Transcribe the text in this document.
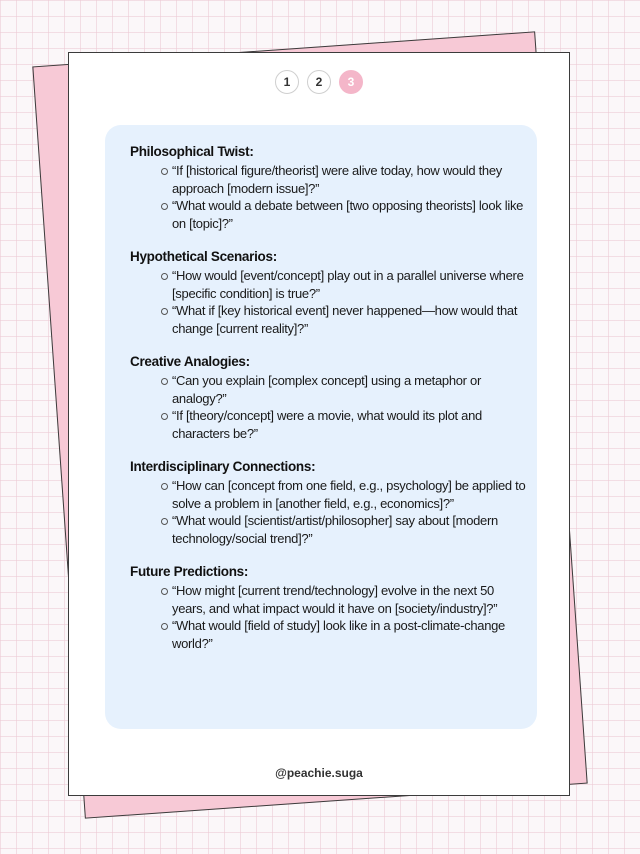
1	2	3
Philosophical Twist:
“If [historical figure/theorist] were alive today, how would they approach [modern issue]?”
“What would a debate between [two opposing theorists] look like on [topic]?”
Hypothetical Scenarios:
“How would [event/concept] play out in a parallel universe where [specific condition] is true?”
“What if [key historical event] never happened—how would that change [current reality]?”
Creative Analogies:
“Can you explain [complex concept] using a metaphor or analogy?”
“If [theory/concept] were a movie, what would its plot and characters be?”
Interdisciplinary Connections:
“How can [concept from one field, e.g., psychology] be applied to solve a problem in [another field, e.g., economics]?”
“What would [scientist/artist/philosopher] say about [modern technology/social trend]?”
Future Predictions:
“How might [current trend/technology] evolve in the next 50 years, and what impact would it have on [society/industry]?”
“What would [field of study] look like in a post-climate-change world?”
@peachie.suga
